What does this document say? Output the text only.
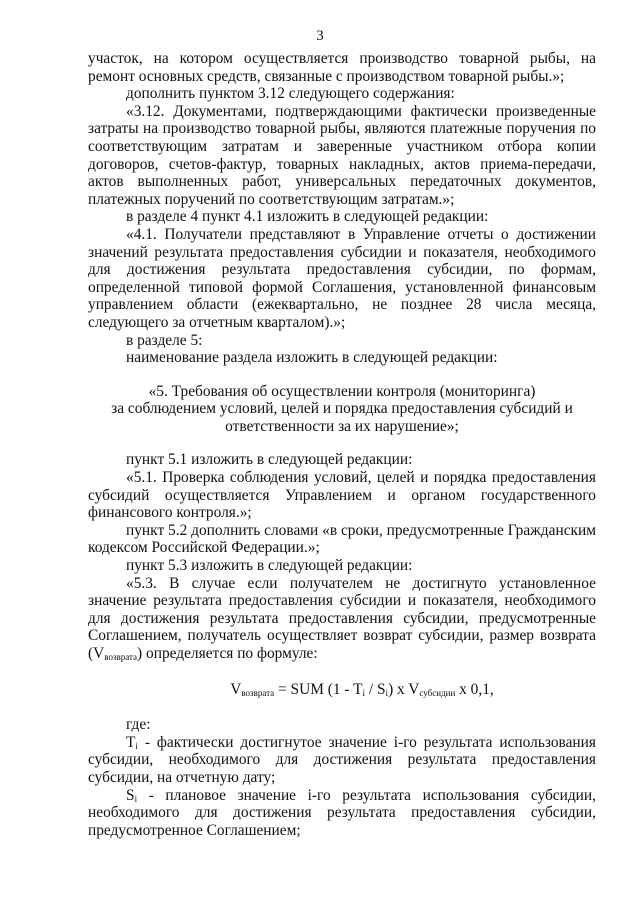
3

участок, на котором осуществляется производство товарной рыбы, на ремонт основных средств, связанные с производством товарной рыбы.»;

дополнить пунктом 3.12 следующего содержания:

«3.12. Документами, подтверждающими фактически произведенные затраты на производство товарной рыбы, являются платежные поручения по соответствующим затратам и заверенные участником отбора копии договоров, счетов-фактур, товарных накладных, актов приема-передачи, актов выполненных работ, универсальных передаточных документов, платежных поручений по соответствующим затратам.»;

в разделе 4 пункт 4.1 изложить в следующей редакции:

«4.1. Получатели представляют в Управление отчеты о достижении значений результата предоставления субсидии и показателя, необходимого для достижения результата предоставления субсидии, по формам, определенной типовой формой Соглашения, установленной финансовым управлением области (ежеквартально, не позднее 28 числа месяца, следующего за отчетным кварталом).»;

в разделе 5:

наименование раздела изложить в следующей редакции:

«5. Требования об осуществлении контроля (мониторинга)
за соблюдением условий, целей и порядка предоставления субсидий и
ответственности за их нарушение»;

пункт 5.1 изложить в следующей редакции:

«5.1. Проверка соблюдения условий, целей и порядка предоставления субсидий осуществляется Управлением и органом государственного финансового контроля.»;

пункт 5.2 дополнить словами «в сроки, предусмотренные Гражданским кодексом Российской Федерации.»;

пункт 5.3 изложить в следующей редакции:

«5.3. В случае если получателем не достигнуто установленное значение результата предоставления субсидии и показателя, необходимого для достижения результата предоставления субсидии, предусмотренные Соглашением, получатель осуществляет возврат субсидии, размер возврата $(V_{возврата})$ определяется по формуле:

$V_{возврата}$ = SUM $(1 - T_i / S_i)$ x $V_{субсидии}$ x 0,1,

где:

$T_i$ - фактически достигнутое значение i-го результата использования субсидии, необходимого для достижения результата предоставления субсидии, на отчетную дату;

$S_i$ - плановое значение i-го результата использования субсидии, необходимого для достижения результата предоставления субсидии, предусмотренное Соглашением;
